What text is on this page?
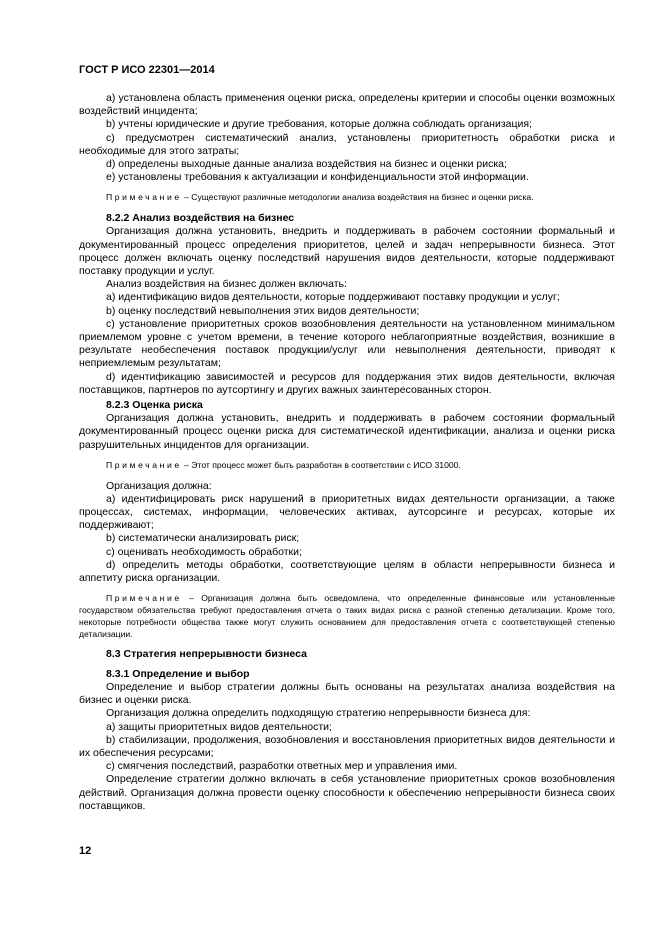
ГОСТ Р ИСО 22301—2014

a) установлена область применения оценки риска, определены критерии и способы оценки возможных воздействий инцидента;

b) учтены юридические и другие требования, которые должна соблюдать организация;

c) предусмотрен систематический анализ, установлены приоритетность обработки риска и необходимые для этого затраты;

d) определены выходные данные анализа воздействия на бизнес и оценки риска;

e) установлены требования к актуализации и конфиденциальности этой информации.

Примечание – Существуют различные методологии анализа воздействия на бизнес и оценки риска.

8.2.2 Анализ воздействия на бизнес

Организация должна установить, внедрить и поддерживать в рабочем состоянии формальный и документированный процесс определения приоритетов, целей и задач непрерывности бизнеса. Этот процесс должен включать оценку последствий нарушения видов деятельности, которые поддерживают поставку продукции и услуг.

Анализ воздействия на бизнес должен включать:

a) идентификацию видов деятельности, которые поддерживают поставку продукции и услуг;

b) оценку последствий невыполнения этих видов деятельности;

c) установление приоритетных сроков возобновления деятельности на установленном минимальном приемлемом уровне с учетом времени, в течение которого неблагоприятные воздействия, возникшие в результате необеспечения поставок продукции/услуг или невыполнения деятельности, приводят к неприемлемым результатам;

d) идентификацию зависимостей и ресурсов для поддержания этих видов деятельности, включая поставщиков, партнеров по аутсортингу и других важных заинтересованных сторон.

8.2.3 Оценка риска

Организация должна установить, внедрить и поддерживать в рабочем состоянии формальный документированный процесс оценки риска для систематической идентификации, анализа и оценки риска разрушительных инцидентов для организации.

Примечание – Этот процесс может быть разработан в соответствии с ИСО 31000.

Организация должна:

a) идентифицировать риск нарушений в приоритетных видах деятельности организации, а также процессах, системах, информации, человеческих активах, аутсорсинге и ресурсах, которые их поддерживают;

b) систематически анализировать риск;

c) оценивать необходимость обработки;

d) определить методы обработки, соответствующие целям в области непрерывности бизнеса и аппетиту риска организации.

Примечание – Организация должна быть осведомлена, что определенные финансовые или установленные государством обязательства требуют предоставления отчета о таких видах риска с разной степенью детализации. Кроме того, некоторые потребности общества также могут служить основанием для предоставления отчета с соответствующей степенью детализации.

8.3 Стратегия непрерывности бизнеса

8.3.1 Определение и выбор

Определение и выбор стратегии должны быть основаны на результатах анализа воздействия на бизнес и оценки риска.

Организация должна определить подходящую стратегию непрерывности бизнеса для:

a) защиты приоритетных видов деятельности;

b) стабилизации, продолжения, возобновления и восстановления приоритетных видов деятельности и их обеспечения ресурсами;

c) смягчения последствий, разработки ответных мер и управления ими.

Определение стратегии должно включать в себя установление приоритетных сроков возобновления действий. Организация должна провести оценку способности к обеспечению непрерывности бизнеса своих поставщиков.

12
